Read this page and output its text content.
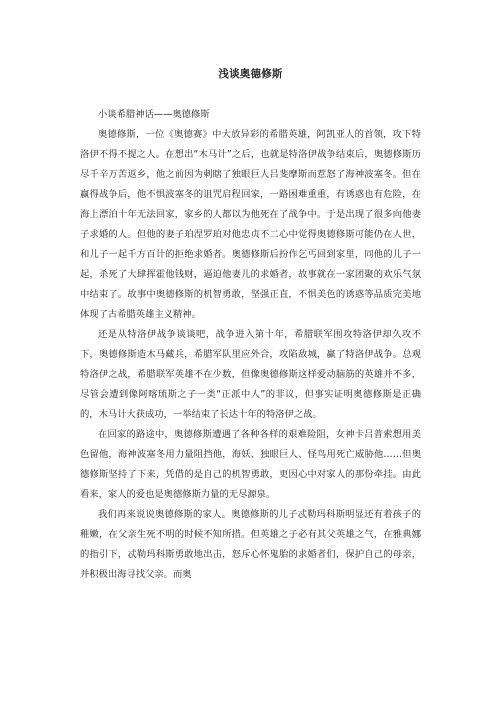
浅谈奥德修斯

小谈希腊神话——奥德修斯

奥德修斯，一位《奥德赛》中大放异彩的希腊英雄，阿凯亚人的首领，攻下特洛伊不得不提之人。在想出“木马计”之后，也就是特洛伊战争结束后，奥德修斯历尽千辛万苦返乡，他之前因为刺瞎了独眼巨人吕斐摩斯而惹怒了海神波塞冬。但在赢得战争后，他不惧波塞冬的诅咒启程回家，一路困难重重，有诱惑也有危险，在海上漂泊十年无法回家，家乡的人都以为他死在了战争中。于是出现了很多向他妻子求婚的人。但他的妻子珀涅罗珀对他忠贞不二心中觉得奥德修斯可能仍在人世，和儿子一起千方百计的拒绝求婚者。奥德修斯后扮作乞丐回到家里，同他的儿子一起，杀死了大肆挥霍他钱财，逼迫他妻儿的求婚者，故事就在一家团聚的欢乐气氛中结束了。故事中奥德修斯的机智勇敢，坚强正直，不惧美色的诱惑等品质完美地体现了古希腊英雄主义精神。

还是从特洛伊战争谈谈吧，战争进入第十年，希腊联军围攻特洛伊却久攻不下，奥德修斯造木马藏兵，希腊军队里应外合，攻陷敌城，赢了特洛伊战争。总观特洛伊之战，希腊联军英雄不在少数，但像奥德修斯这样爱动脑筋的英雄并不多，尽管会遭到像阿喀琉斯之子一类“正派中人”的非议，但事实证明奥德修斯是正确的，木马计大获成功，一举结束了长达十年的特洛伊之战。

在回家的路途中，奥德修斯遭遇了各种各样的艰难险阻，女神卡吕普索想用美色留他，海神波塞冬用力量阻挡他，海妖、独眼巨人、怪鸟用死亡威胁他……但奥德修斯坚持了下来，凭借的是自己的机智勇敢，更因心中对家人的那份牵挂。由此看来，家人的爱也是奥德修斯力量的无尽源泉。

我们再来说说奥德修斯的家人。奥德修斯的儿子忒勒玛科斯明显还有着孩子的稚嫩，在父亲生死不明的时候不知所措。但英雄之子必有其父英雄之气，在雅典娜的指引下，忒勒玛科斯勇敢地出击，怒斥心怀鬼胎的求婚者们，保护自己的母亲，并积极出海寻找父亲。而奥
